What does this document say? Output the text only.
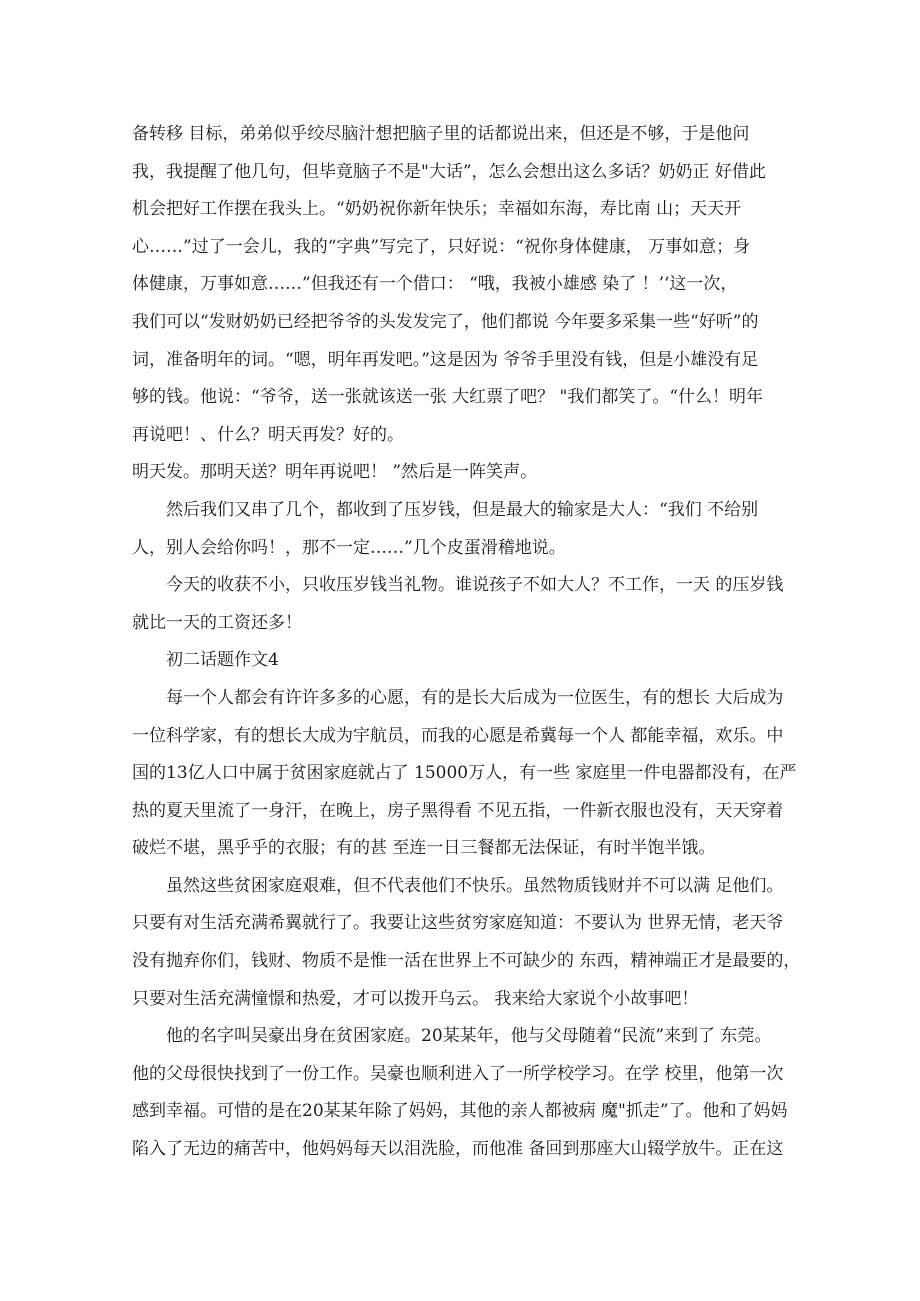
备转移 目标，弟弟似乎绞尽脑汁想把脑子里的话都说出来，但还是不够，于是他问
我，我提醒了他几句，但毕竟脑子不是"大话”，怎么会想出这么多话？奶奶正 好借此
机会把好工作摆在我头上。“奶奶祝你新年快乐；幸福如东海，寿比南 山；天天开
心……”过了一会儿，我的“字典”写完了，只好说：“祝你身体健康， 万事如意；身
体健康，万事如意……”但我还有一个借口： “哦，我被小雄感 染了 ！’‘这一次，
我们可以“发财奶奶已经把爷爷的头发发完了，他们都说 今年要多采集一些“好听”的
词，准备明年的词。“嗯，明年再发吧。”这是因为 爷爷手里没有钱，但是小雄没有足
够的钱。他说：“爷爷，送一张就该送一张 大红票了吧？ "我们都笑了。“什么！明年
再说吧！、什么？明天再发？好的。
明天发。那明天送？明年再说吧！ ”然后是一阵笑声。
然后我们又串了几个，都收到了压岁钱，但是最大的输家是大人：“我们 不给别
人，别人会给你吗！，那不一定……”几个皮蛋滑稽地说。
今天的收获不小，只收压岁钱当礼物。谁说孩子不如大人？不工作，一天 的压岁钱
就比一天的工资还多！
初二话题作文4
每一个人都会有许许多多的心愿，有的是长大后成为一位医生，有的想长 大后成为
一位科学家，有的想长大成为宇航员，而我的心愿是希冀每一个人 都能幸福，欢乐。中
国的13亿人口中属于贫困家庭就占了 15000万人，有一些 家庭里一件电器都没有，在严
热的夏天里流了一身汗，在晚上，房子黑得看 不见五指，一件新衣服也没有，天天穿着
破烂不堪，黑乎乎的衣服；有的甚 至连一日三餐都无法保证，有时半饱半饿。
虽然这些贫困家庭艰难，但不代表他们不快乐。虽然物质钱财并不可以满 足他们。
只要有对生活充满希翼就行了。我要让这些贫穷家庭知道：不要认为 世界无情，老天爷
没有抛弃你们，钱财、物质不是惟一活在世界上不可缺少的 东西，精神端正才是最要的，
只要对生活充满憧憬和热爱，才可以拨开乌云。 我来给大家说个小故事吧！
他的名字叫吴豪出身在贫困家庭。20某某年，他与父母随着“民流”来到了 东莞。
他的父母很快找到了一份工作。吴豪也顺利进入了一所学校学习。在学 校里，他第一次
感到幸福。可惜的是在20某某年除了妈妈，其他的亲人都被病 魔"抓走”了。他和了妈妈
陷入了无边的痛苦中，他妈妈每天以泪洗脸，而他准 备回到那座大山辍学放牛。正在这
